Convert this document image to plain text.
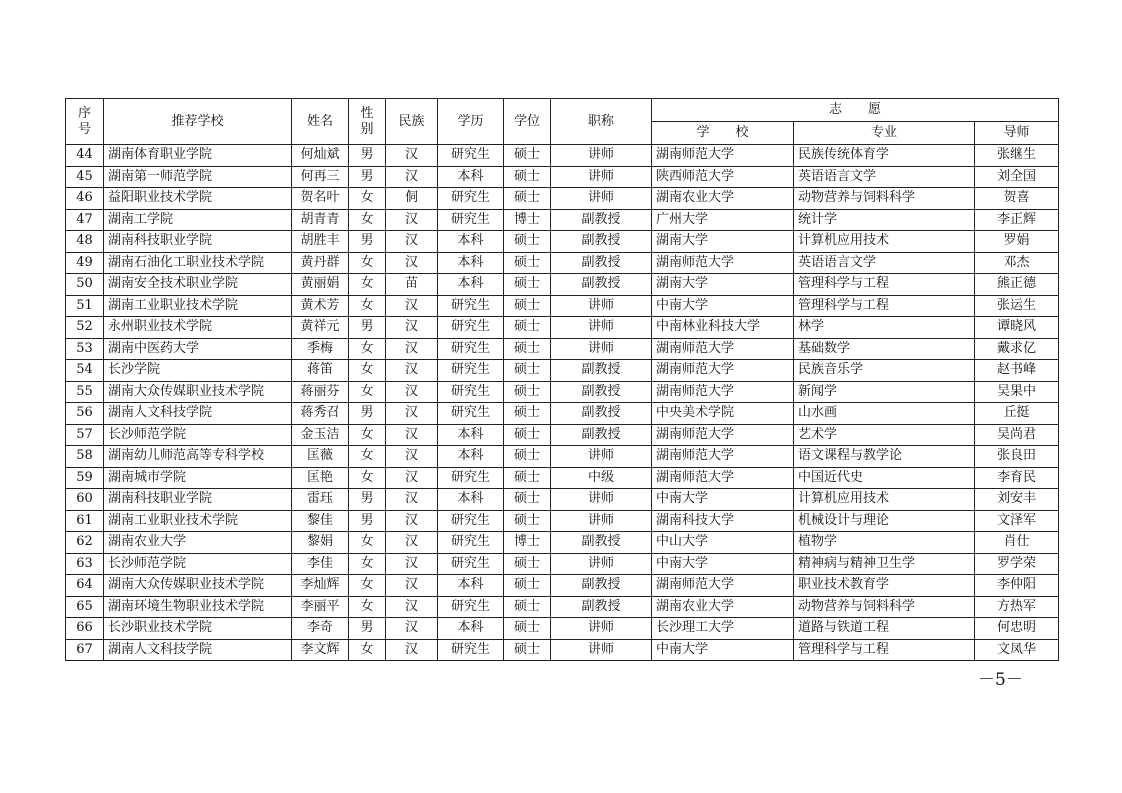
序号	推荐学校	姓名	性别	民族	学历	学位	职称	志　　愿		
								学　　校	专业	导师
44	湖南体育职业学院	何灿斌	男	汉	研究生	硕士	讲师	湖南师范大学	民族传统体育学	张继生
45	湖南第一师范学院	何再三	男	汉	本科	硕士	讲师	陕西师范大学	英语语言文学	刘全国
46	益阳职业技术学院	贺名叶	女	侗	研究生	硕士	讲师	湖南农业大学	动物营养与饲料科学	贺喜
47	湖南工学院	胡青青	女	汉	研究生	博士	副教授	广州大学	统计学	李正辉
48	湖南科技职业学院	胡胜丰	男	汉	本科	硕士	副教授	湖南大学	计算机应用技术	罗娟
49	湖南石油化工职业技术学院	黄丹群	女	汉	本科	硕士	副教授	湖南师范大学	英语语言文学	邓杰
50	湖南安全技术职业学院	黄丽娟	女	苗	本科	硕士	副教授	湖南大学	管理科学与工程	熊正德
51	湖南工业职业技术学院	黄术芳	女	汉	研究生	硕士	讲师	中南大学	管理科学与工程	张运生
52	永州职业技术学院	黄祥元	男	汉	研究生	硕士	讲师	中南林业科技大学	林学	谭晓风
53	湖南中医药大学	季梅	女	汉	研究生	硕士	讲师	湖南师范大学	基础数学	戴求亿
54	长沙学院	蒋笛	女	汉	研究生	硕士	副教授	湖南师范大学	民族音乐学	赵书峰
55	湖南大众传媒职业技术学院	蒋丽芬	女	汉	研究生	硕士	副教授	湖南师范大学	新闻学	吴果中
56	湖南人文科技学院	蒋秀召	男	汉	研究生	硕士	副教授	中央美术学院	山水画	丘挺
57	长沙师范学院	金玉洁	女	汉	本科	硕士	副教授	湖南师范大学	艺术学	吴尚君
58	湖南幼儿师范高等专科学校	匡薇	女	汉	本科	硕士	讲师	湖南师范大学	语文课程与教学论	张良田
59	湖南城市学院	匡艳	女	汉	研究生	硕士	中级	湖南师范大学	中国近代史	李育民
60	湖南科技职业学院	雷珏	男	汉	本科	硕士	讲师	中南大学	计算机应用技术	刘安丰
61	湖南工业职业技术学院	黎佳	男	汉	研究生	硕士	讲师	湖南科技大学	机械设计与理论	文泽军
62	湖南农业大学	黎娟	女	汉	研究生	博士	副教授	中山大学	植物学	肖仕
63	长沙师范学院	李佳	女	汉	研究生	硕士	讲师	中南大学	精神病与精神卫生学	罗学荣
64	湖南大众传媒职业技术学院	李灿辉	女	汉	本科	硕士	副教授	湖南师范大学	职业技术教育学	李仲阳
65	湖南环境生物职业技术学院	李丽平	女	汉	研究生	硕士	副教授	湖南农业大学	动物营养与饲料科学	方热军
66	长沙职业技术学院	李奇	男	汉	本科	硕士	讲师	长沙理工大学	道路与铁道工程	何忠明
67	湖南人文科技学院	李文辉	女	汉	研究生	硕士	讲师	中南大学	管理科学与工程	文凤华
－5－
